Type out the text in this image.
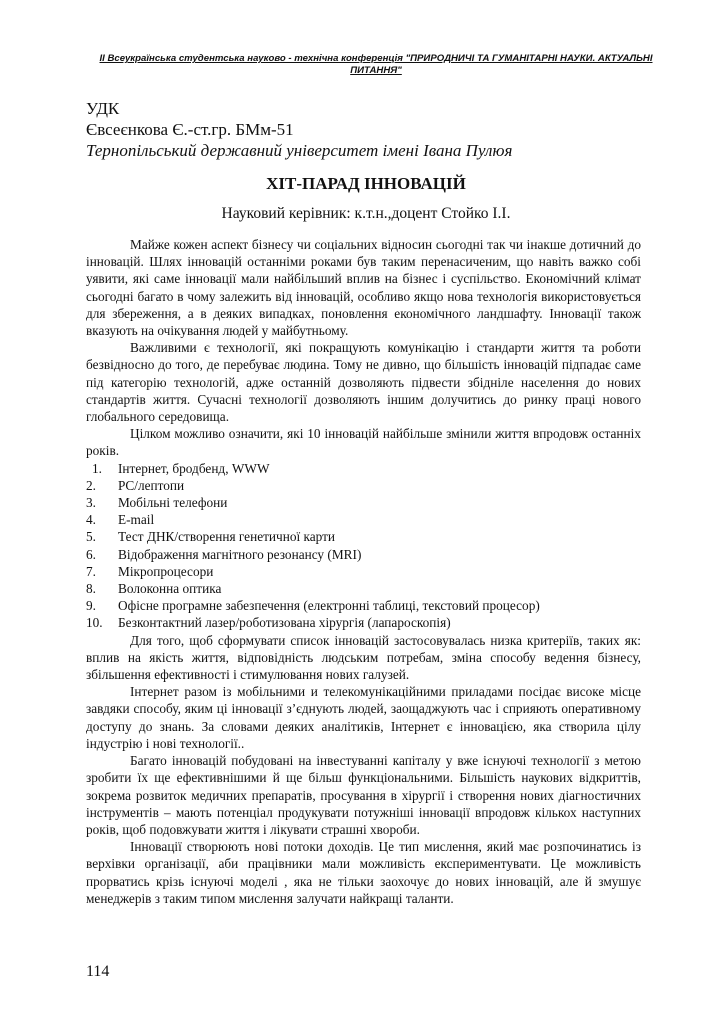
II Всеукраїнська студентська науково - технічна конференція "ПРИРОДНИЧІ ТА ГУМАНІТАРНІ НАУКИ. АКТУАЛЬНІ ПИТАННЯ"

УДК

Євсеєнкова Є.-ст.гр. БМм-51

Тернопільський державний університет імені Івана Пулюя

ХІТ-ПАРАД ІННОВАЦІЙ

Науковий керівник: к.т.н.,доцент Стойко І.І.

Майже кожен аспект бізнесу чи соціальних відносин сьогодні так чи інакше дотичний до інновацій. Шлях інновацій останніми роками був таким перенасиченим, що навіть важко собі уявити, які саме інновації мали найбільший вплив на бізнес і суспільство. Економічний клімат сьогодні багато в чому залежить від інновацій, особливо якщо нова технологія використовується для збереження, а в деяких випадках, поновлення економічного ландшафту. Інновації також вказують на очікування людей у майбутньому.

Важливими є технології, які покращують комунікацію і стандарти життя та роботи безвідносно до того, де перебуває людина. Тому не дивно, що більшість інновацій підпадає саме під категорію технологій, адже останній дозволяють підвести збідніле населення до нових стандартів життя. Сучасні технології дозволяють іншим долучитись до ринку праці нового глобального середовища.

Цілком можливо означити, які 10 інновацій найбільше змінили життя впродовж останніх років.

1.	Інтернет, бродбенд, WWW
2.	PC/лептопи
3.	Мобільні телефони
4.	E-mail
5.	Тест ДНК/створення генетичної карти
6.	Відображення магнітного резонансу (MRI)
7.	Мікропроцесори
8.	Волоконна оптика
9.	Офісне програмне забезпечення (електронні таблиці, текстовий процесор)
10.	Безконтактний лазер/роботизована хірургія (лапароскопія)

Для того, щоб сформувати список інновацій застосовувалась низка критеріїв, таких як: вплив на якість життя, відповідність людським потребам, зміна способу ведення бізнесу, збільшення ефективності і стимулювання нових галузей.

Інтернет разом із мобільними и телекомунікаційними приладами посідає високе місце завдяки способу, яким ці інновації з’єднують людей, заощаджують час і сприяють оперативному доступу до знань. За словами деяких аналітиків, Інтернет є інновацією, яка створила цілу індустрію і нові технології..

Багато інновацій побудовані на інвестуванні капіталу у вже існуючі технології з метою зробити їх ще ефективнішими й ще більш функціональними. Більшість наукових відкриттів, зокрема розвиток медичних препаратів, просування в хірургії і створення нових діагностичних інструментів – мають потенціал продукувати потужніші інновації впродовж кількох наступних років, щоб подовжувати життя і лікувати страшні хвороби.

Інновації створюють нові потоки доходів. Це тип мислення, який має розпочинатись із верхівки організації, аби працівники мали можливість експериментувати. Це можливість прорватись крізь існуючі моделі , яка не тільки заохочує до нових інновацій, але й змушує менеджерів з таким типом мислення залучати найкращі таланти.

114
